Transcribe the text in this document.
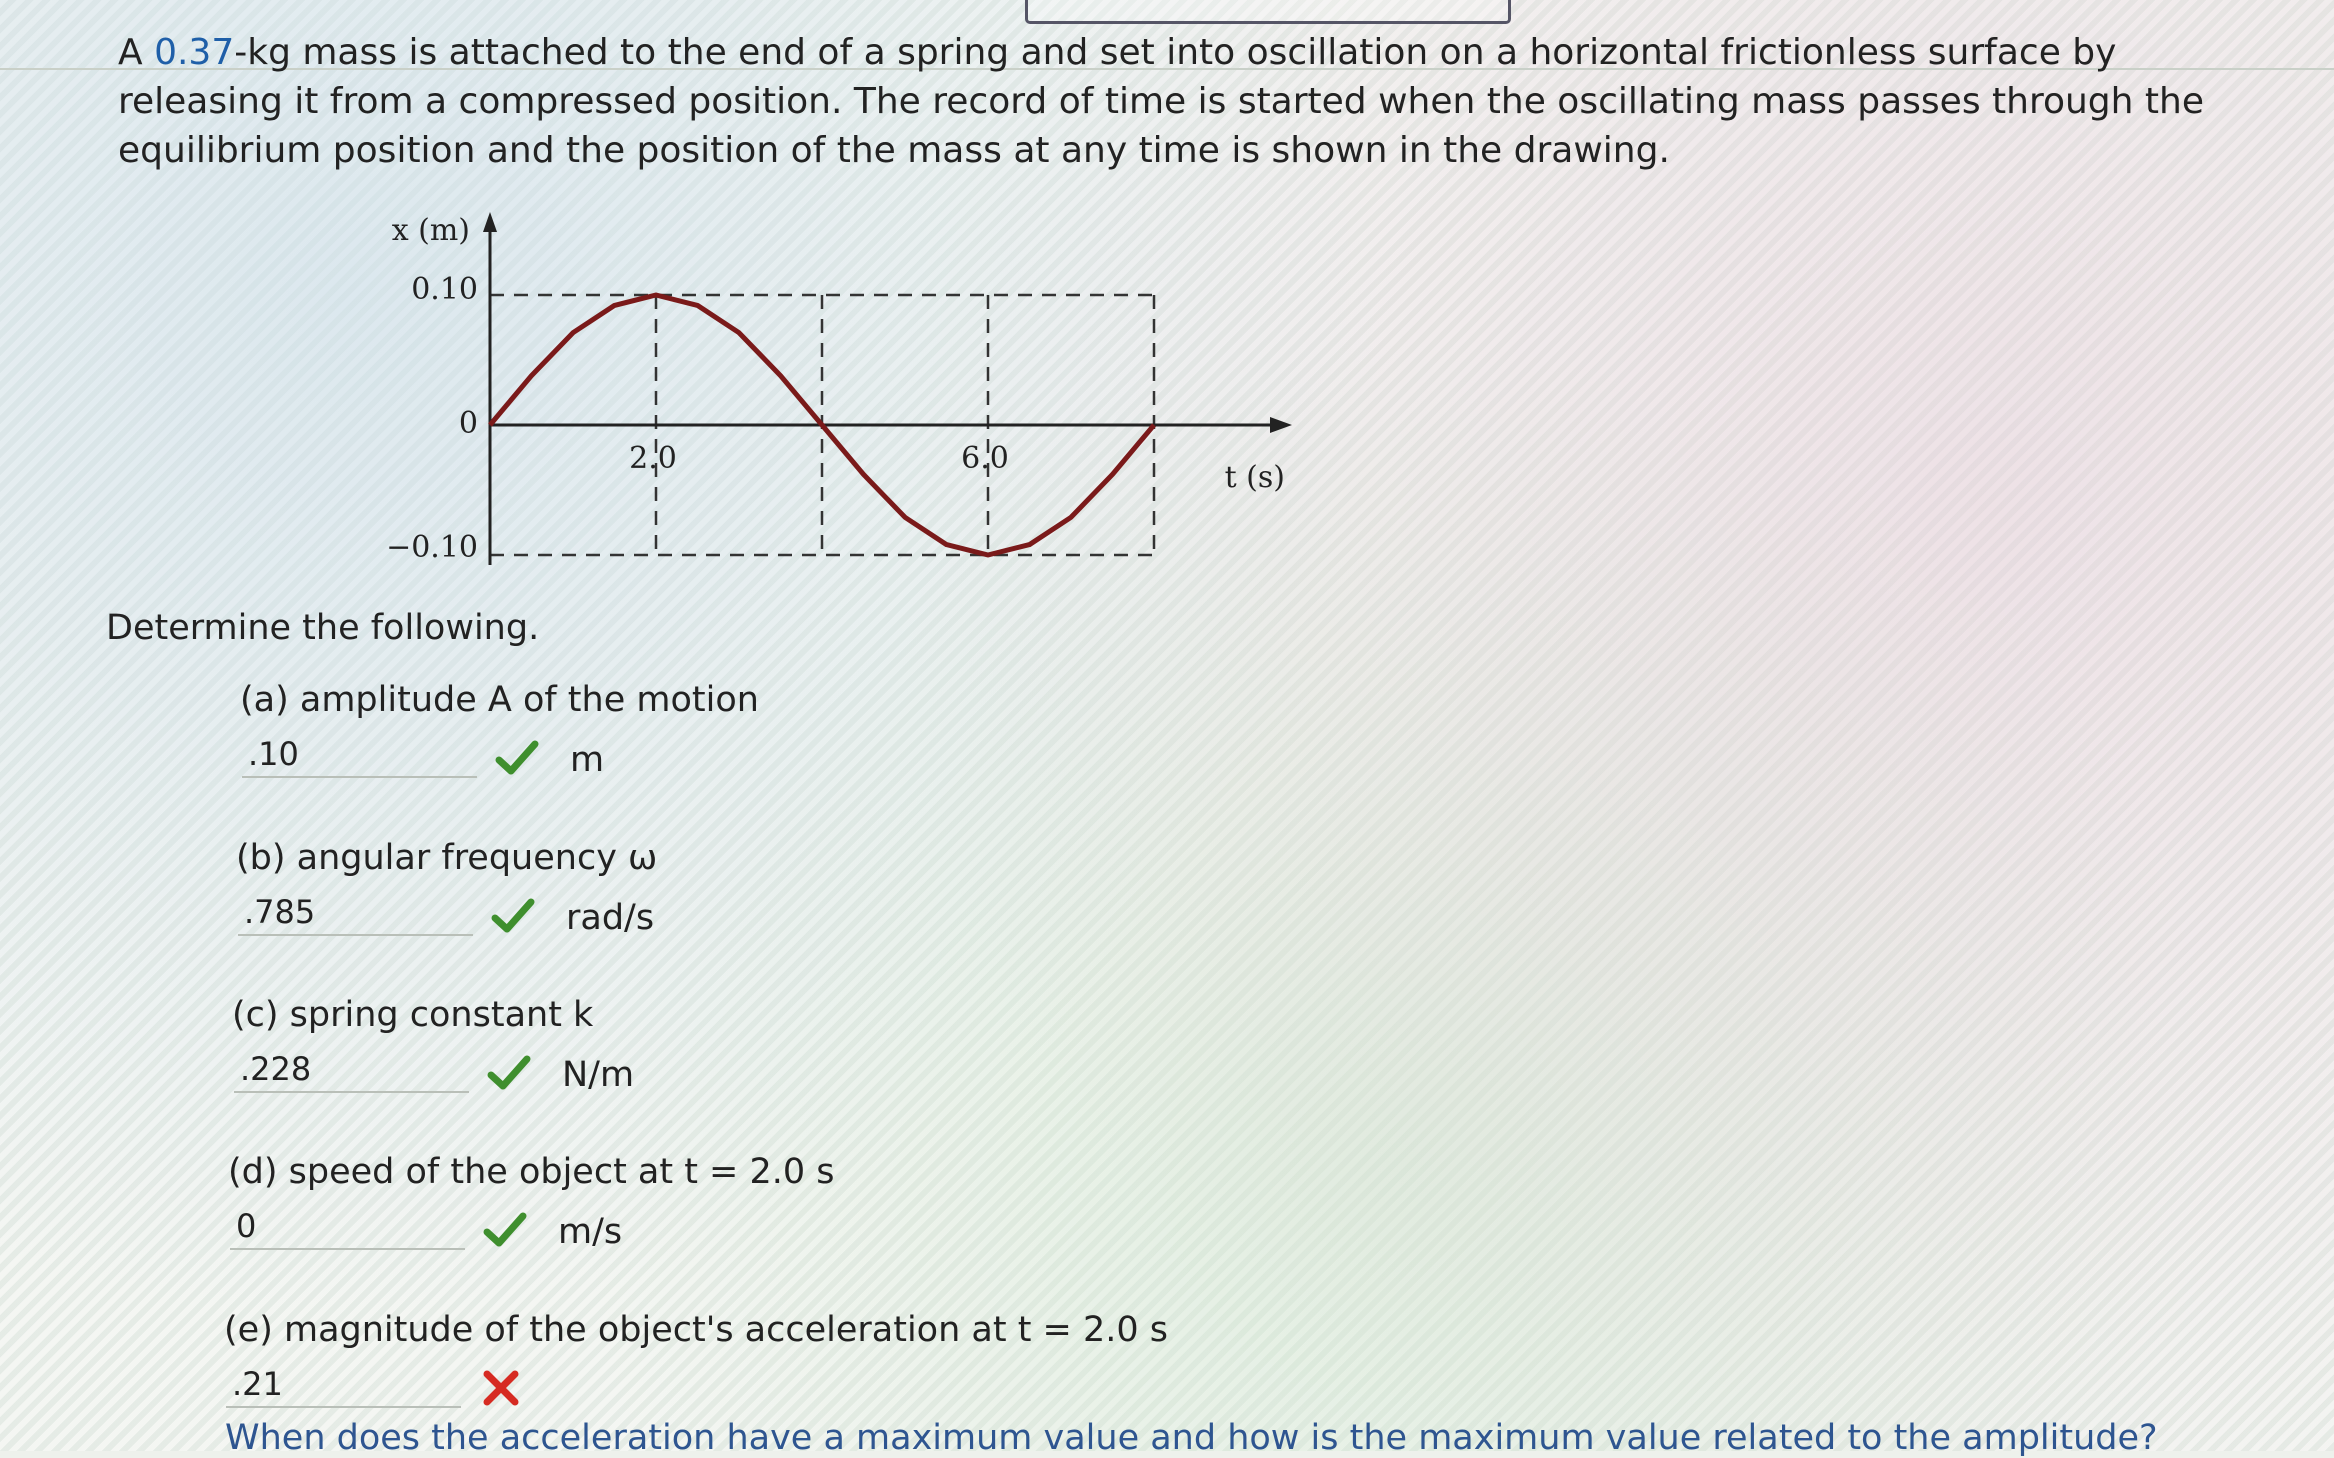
A 0.37-kg mass is attached to the end of a spring and set into oscillation on a horizontal frictionless surface by releasing it from a compressed position. The record of time is started when the oscillating mass passes through the equilibrium position and the position of the mass at any time is shown in the drawing.

x (m)
0.10
0
−0.10
2.0	6.0
t (s)

Determine the following.

(a) amplitude A of the motion
.10	m
(b) angular frequency ω
.785	rad/s
(c) spring constant k
.228	N/m
(d) speed of the object at t = 2.0 s
0	m/s
(e) magnitude of the object's acceleration at t = 2.0 s
.21
When does the acceleration have a maximum value and how is the maximum value related to the amplitude?
